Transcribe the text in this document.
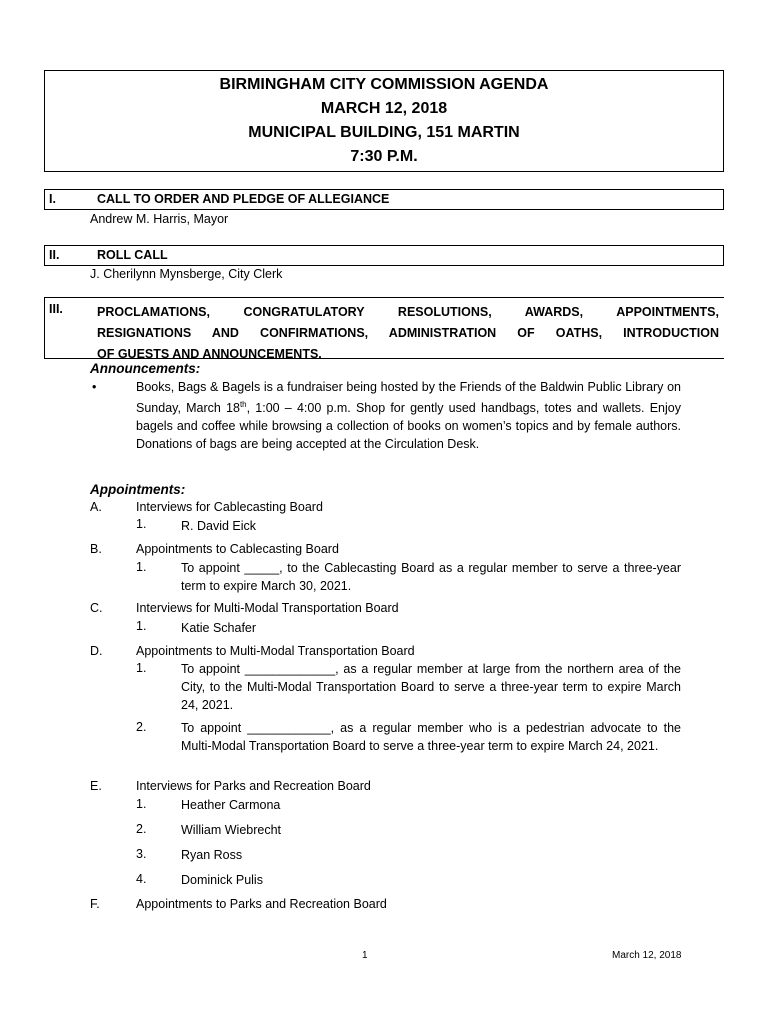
BIRMINGHAM CITY COMMISSION AGENDA
MARCH 12, 2018
MUNICIPAL BUILDING, 151 MARTIN
7:30 P.M.
I.	CALL TO ORDER AND PLEDGE OF ALLEGIANCE
Andrew M. Harris, Mayor
II.	ROLL CALL
J. Cherilynn Mynsberge, City Clerk
III.	PROCLAMATIONS, CONGRATULATORY RESOLUTIONS, AWARDS, APPOINTMENTS,
RESIGNATIONS AND CONFIRMATIONS, ADMINISTRATION OF OATHS, INTRODUCTION
OF GUESTS AND ANNOUNCEMENTS.
Announcements:
•	Books, Bags & Bagels is a fundraiser being hosted by the Friends of the Baldwin Public Library on Sunday, March 18th, 1:00 – 4:00 p.m. Shop for gently used handbags, totes and wallets. Enjoy bagels and coffee while browsing a collection of books on women’s topics and by female authors. Donations of bags are being accepted at the Circulation Desk.
Appointments:
A.	Interviews for Cablecasting Board
1.	R. David Eick
B.	Appointments to Cablecasting Board
1.	To appoint _____, to the Cablecasting Board as a regular member to serve a three-year term to expire March 30, 2021.
C.	Interviews for Multi-Modal Transportation Board
1.	Katie Schafer
D.	Appointments to Multi-Modal Transportation Board
1.	To appoint _____________, as a regular member at large from the northern area of the City, to the Multi-Modal Transportation Board to serve a three-year term to expire March 24, 2021.
2.	To appoint ____________, as a regular member who is a pedestrian advocate to the Multi-Modal Transportation Board to serve a three-year term to expire March 24, 2021.
E.	Interviews for Parks and Recreation Board
1.	Heather Carmona
2.	William Wiebrecht
3.	Ryan Ross
4.	Dominick Pulis
F.	Appointments to Parks and Recreation Board
1	March 12, 2018
